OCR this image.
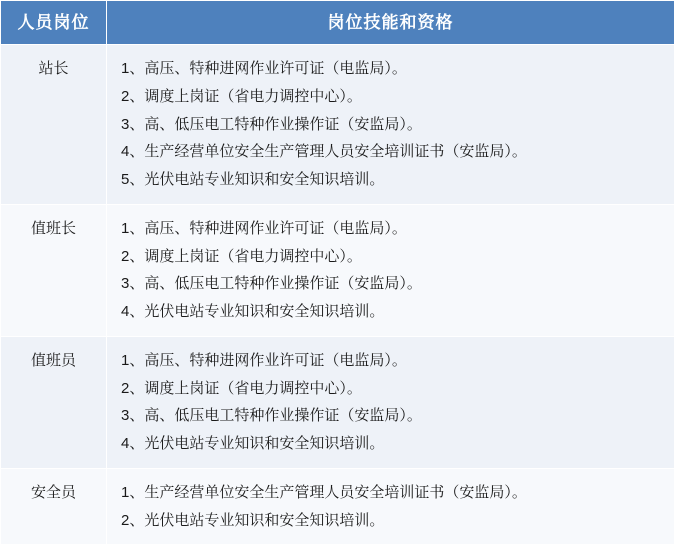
人员岗位	岗位技能和资格
站长	1、高压、特种进网作业许可证（电监局）。
2、调度上岗证（省电力调控中心）。
3、高、低压电工特种作业操作证（安监局）。
4、生产经营单位安全生产管理人员安全培训证书（安监局）。
5、光伏电站专业知识和安全知识培训。

值班长	1、高压、特种进网作业许可证（电监局）。
2、调度上岗证（省电力调控中心）。
3、高、低压电工特种作业操作证（安监局）。
4、光伏电站专业知识和安全知识培训。

值班员	1、高压、特种进网作业许可证（电监局）。
2、调度上岗证（省电力调控中心）。
3、高、低压电工特种作业操作证（安监局）。
4、光伏电站专业知识和安全知识培训。

安全员	1、生产经营单位安全生产管理人员安全培训证书（安监局）。
2、光伏电站专业知识和安全知识培训。
